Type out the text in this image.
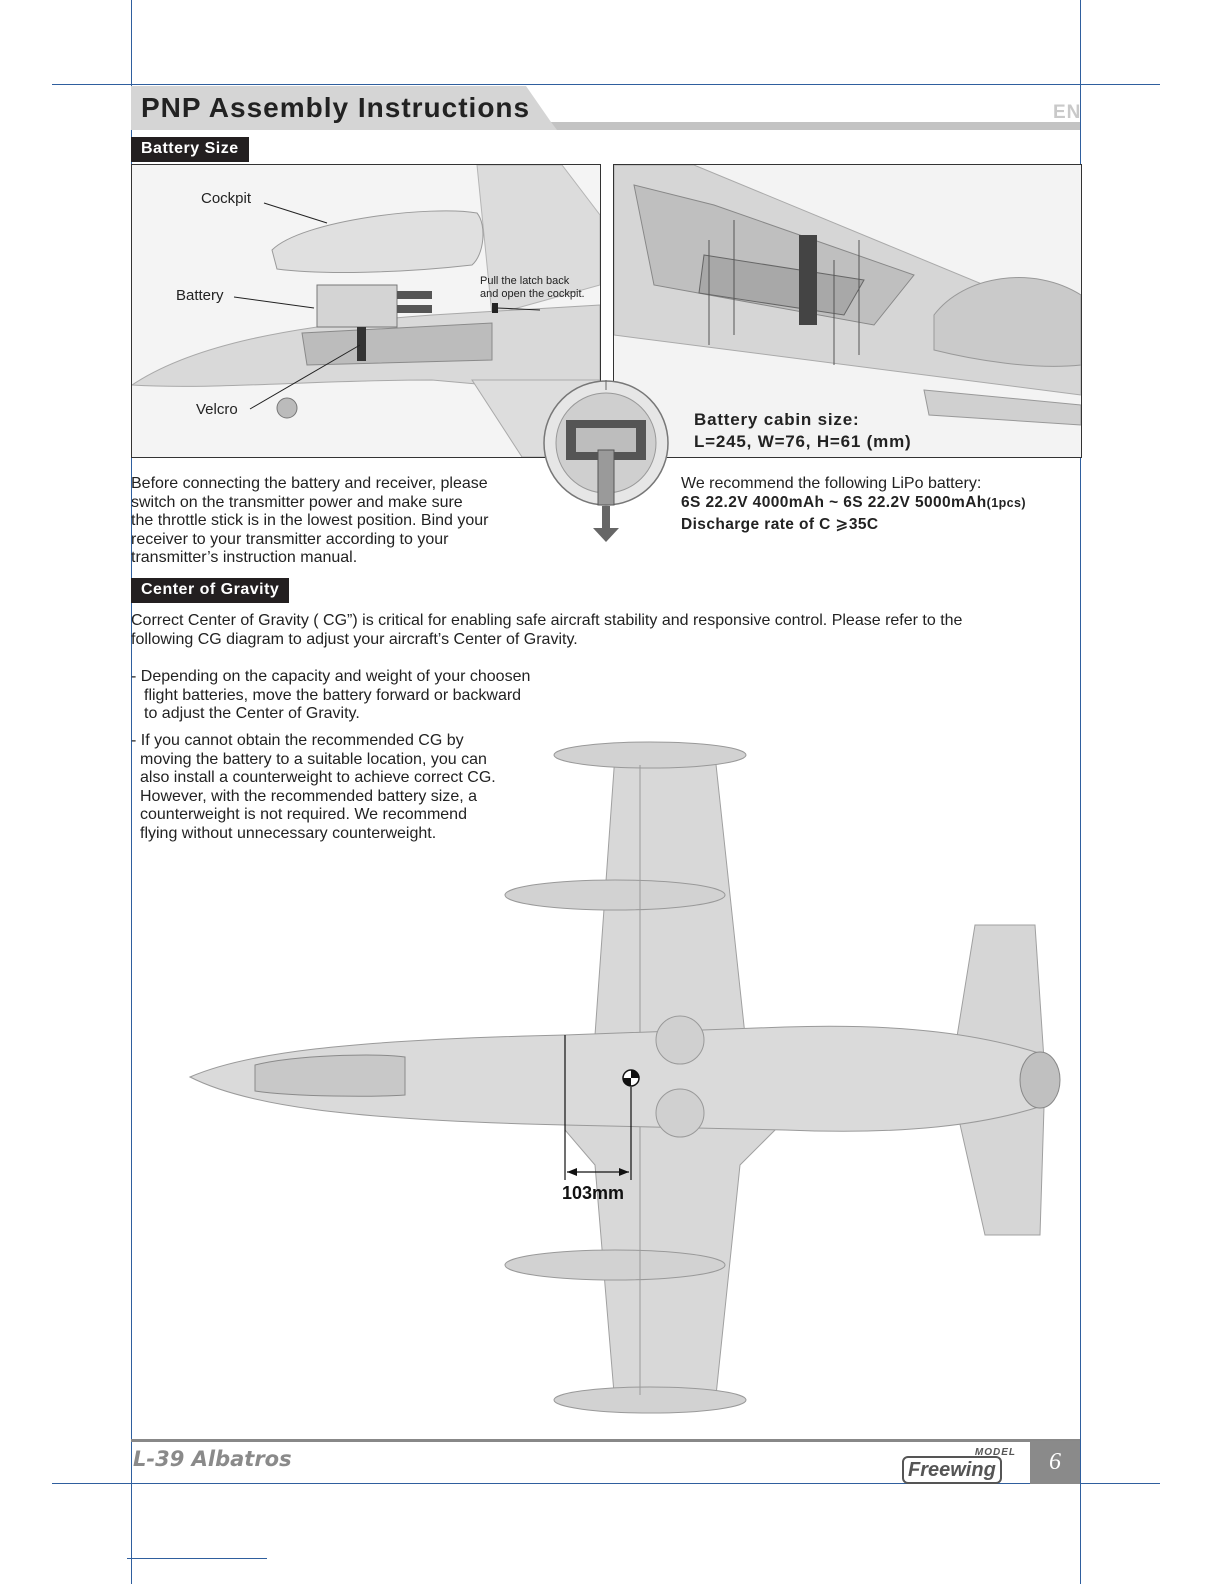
PNP Assembly Instructions	EN
Battery Size
Cockpit
Battery
Velcro
Pull the latch back
and open the cockpit.
Battery cabin size:
L=245, W=76, H=61 (mm)
Before connecting the battery and receiver, please
switch on the transmitter power and make sure
the throttle stick is in the lowest position. Bind your
receiver to your transmitter according to your
transmitter’s instruction manual.
We recommend the following LiPo battery:
6S 22.2V 4000mAh ~ 6S 22.2V 5000mAh(1pcs)
Discharge rate of C ⩾35C
Center of Gravity
Correct Center of Gravity ( CG”) is critical for enabling safe aircraft stability and responsive control. Please refer to the
following CG diagram to adjust your aircraft’s Center of Gravity.
- Depending on the capacity and weight of your choosen
flight batteries, move the battery forward or backward
to adjust the Center of Gravity.
- If you cannot obtain the recommended CG by
moving the battery to a suitable location, you can
also install a counterweight to achieve correct CG.
However, with the recommended battery size, a
counterweight is not required. We recommend
flying without unnecessary counterweight.
103mm
L-39 Albatros	MODEL
Freewing	6
